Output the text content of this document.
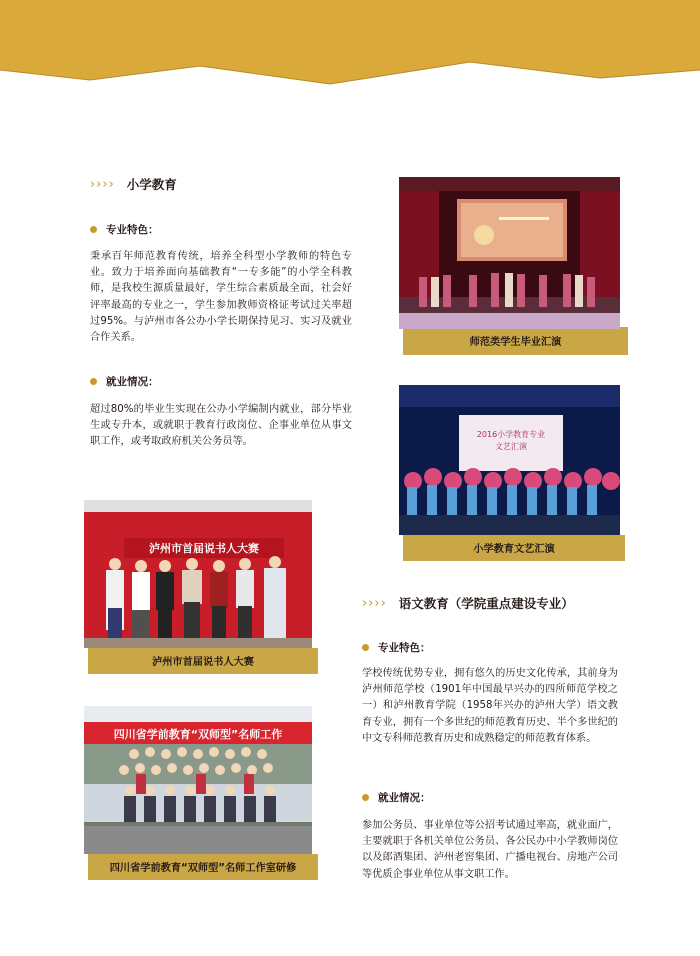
›››› 小学教育
专业特色：

秉承百年师范教育传统，培养全科型小学教师的特色专业。致力于培养面向基础教育“一专多能”的小学全科教师，是我校生源质量最好，学生综合素质最全面，社会好评率最高的专业之一，学生参加教师资格证考试过关率超过95%。与泸州市各公办小学长期保持见习、实习及就业合作关系。

就业情况：

超过80%的毕业生实现在公办小学编制内就业，部分毕业生或专升本，或就职于教育行政岗位、企事业单位从事文职工作，或考取政府机关公务员等。

师范类学生毕业汇演
2016小学教育专业
文艺汇演
小学教育文艺汇演
泸州市首届说书人大赛
泸州市首届说书人大赛
四川省学前教育“双师型”名师工作
四川省学前教育“双师型”名师工作室研修
›››› 语文教育（学院重点建设专业）
专业特色：

学校传统优势专业，拥有悠久的历史文化传承，其前身为泸州师范学校（1901年中国最早兴办的四所师范学校之一）和泸州教育学院（1958年兴办的泸州大学）语文教育专业，拥有一个多世纪的师范教育历史、半个多世纪的中文专科师范教育历史和成熟稳定的师范教育体系。

就业情况：

参加公务员、事业单位等公招考试通过率高，就业面广，主要就职于各机关单位公务员、各公民办中小学教师岗位以及郎酒集团、泸州老窖集团、广播电视台、房地产公司等优质企事业单位从事文职工作。
